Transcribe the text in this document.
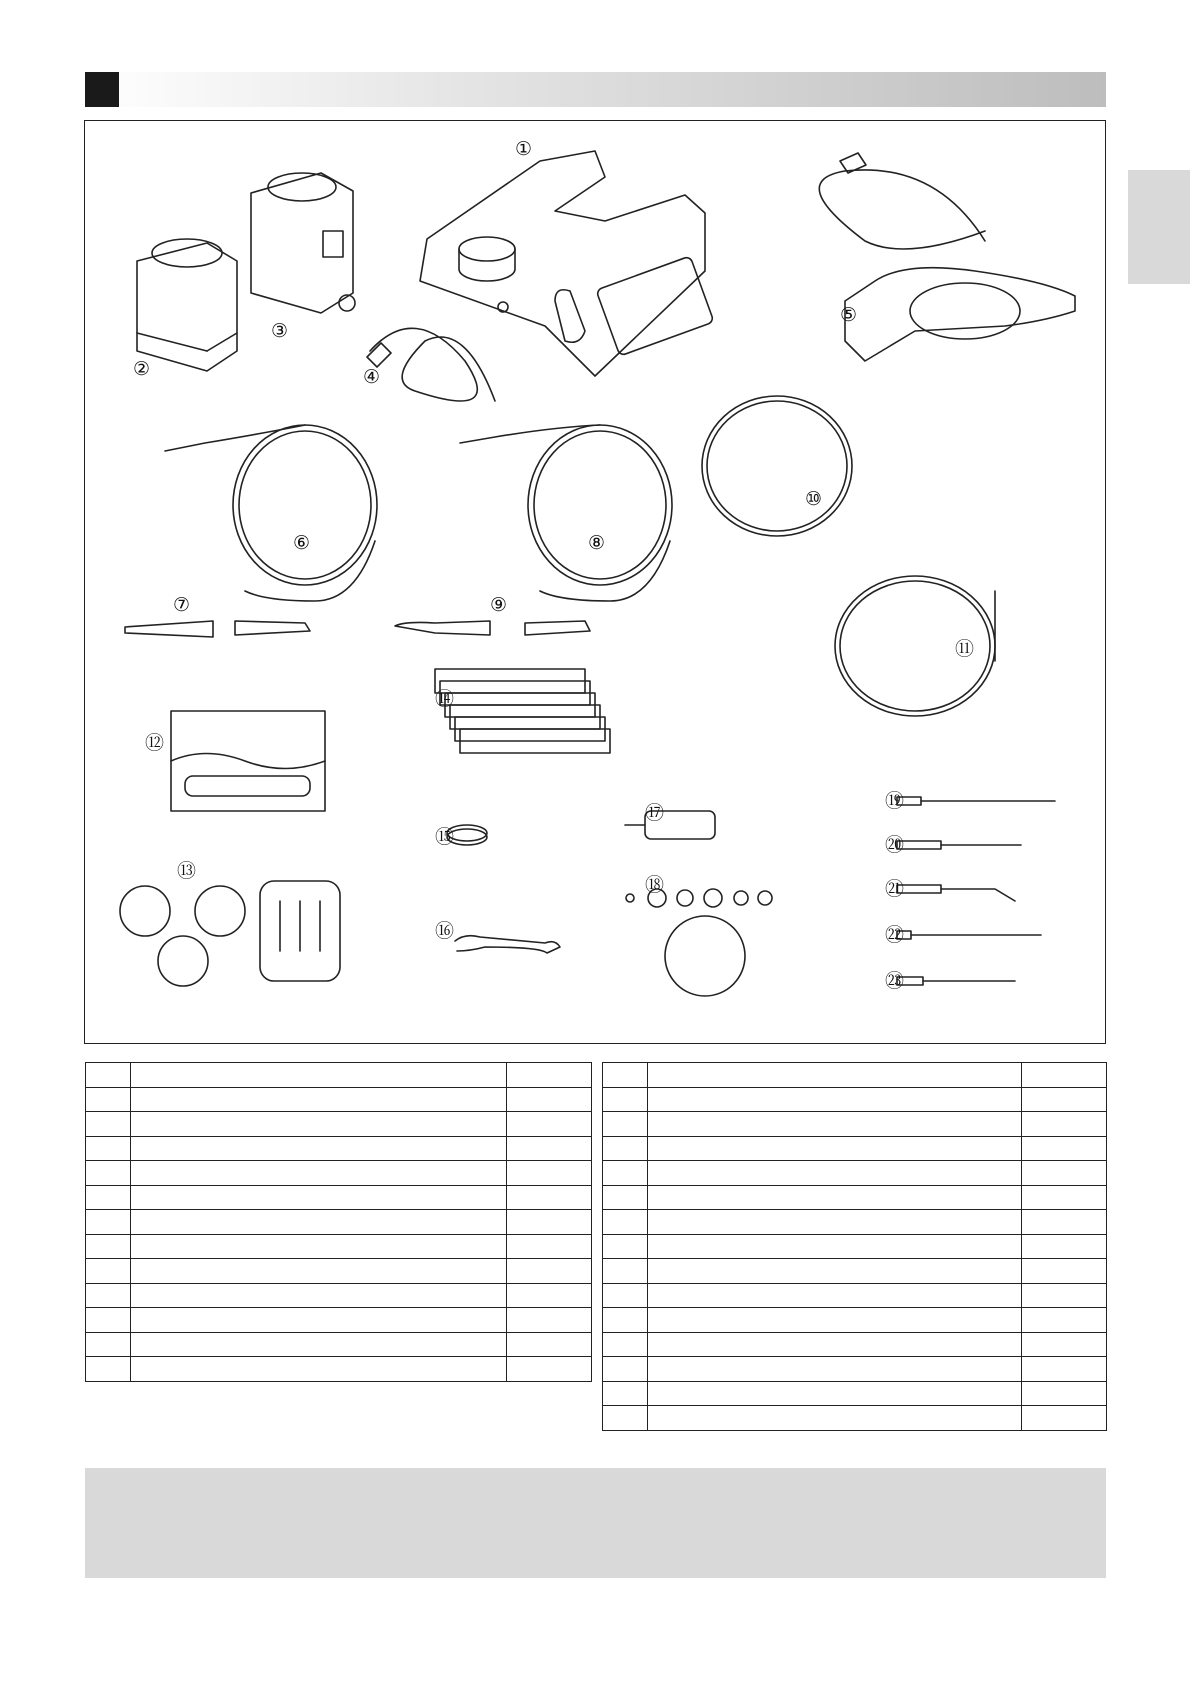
①
②
③
④
⑤
⑥
⑦
⑧
⑨
⑩
⑪
⑫
⑬
⑭
⑮
⑯
⑰
⑱
⑲
⑳
㉑
㉒
㉓
